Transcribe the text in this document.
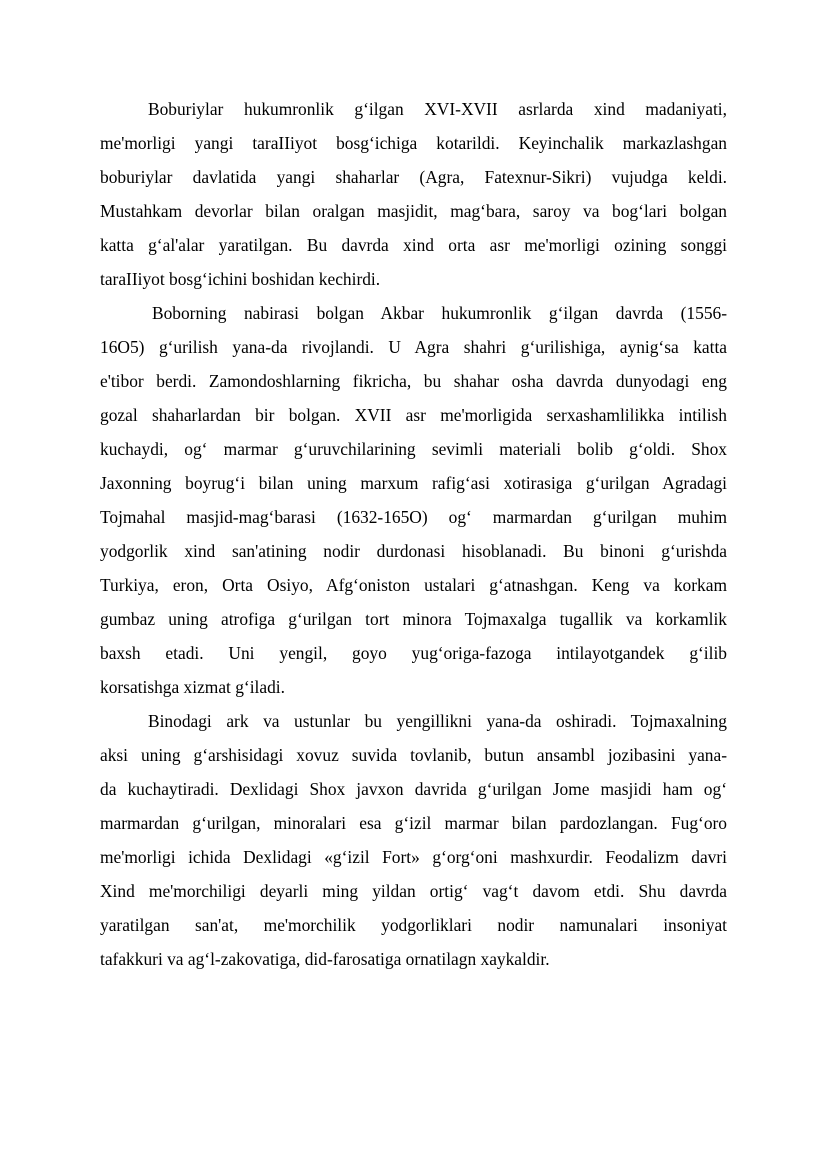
Boburiylar hukumronlik g‘ilgan XVI-XVII asrlarda xind madaniyati,
me'morligi yangi taraIIiyot bosg‘ichiga kotarildi. Keyinchalik markazlashgan
boburiylar davlatida yangi shaharlar (Agra, Fatexnur-Sikri) vujudga keldi.
Mustahkam devorlar bilan oralgan masjidit, mag‘bara, saroy va bog‘lari bolgan
katta g‘al'alar yaratilgan. Bu davrda xind orta asr me'morligi ozining songgi
taraIIiyot bosg‘ichini boshidan kechirdi.
Boborning nabirasi bolgan Akbar hukumronlik g‘ilgan davrda (1556-
16O5) g‘urilish yana-da rivojlandi. U Agra shahri g‘urilishiga, aynig‘sa katta
e'tibor berdi. Zamondoshlarning fikricha, bu shahar osha davrda dunyodagi eng
gozal shaharlardan bir bolgan. XVII asr me'morligida serxashamlilikka intilish
kuchaydi, og‘ marmar g‘uruvchilarining sevimli materiali bolib g‘oldi. Shox
Jaxonning boyrug‘i bilan uning marxum rafig‘asi xotirasiga g‘urilgan Agradagi
Tojmahal masjid-mag‘barasi (1632-165O) og‘ marmardan g‘urilgan muhim
yodgorlik xind san'atining nodir durdonasi hisoblanadi. Bu binoni g‘urishda
Turkiya, eron, Orta Osiyo, Afg‘oniston ustalari g‘atnashgan. Keng va korkam
gumbaz uning atrofiga g‘urilgan tort minora Tojmaxalga tugallik va korkamlik
baxsh etadi. Uni yengil, goyo yug‘origa-fazoga intilayotgandek g‘ilib
korsatishga xizmat g‘iladi.
Binodagi ark va ustunlar bu yengillikni yana-da oshiradi. Tojmaxalning
aksi uning g‘arshisidagi xovuz suvida tovlanib, butun ansambl jozibasini yana-
da kuchaytiradi. Dexlidagi Shox javxon davrida g‘urilgan Jome masjidi ham og‘
marmardan g‘urilgan, minoralari esa g‘izil marmar bilan pardozlangan. Fug‘oro
me'morligi ichida Dexlidagi «g‘izil Fort» g‘org‘oni mashxurdir. Feodalizm davri
Xind me'morchiligi deyarli ming yildan ortig‘ vag‘t davom etdi. Shu davrda
yaratilgan san'at, me'morchilik yodgorliklari nodir namunalari insoniyat
tafakkuri va ag‘l-zakovatiga, did-farosatiga ornatilagn xaykaldir.
